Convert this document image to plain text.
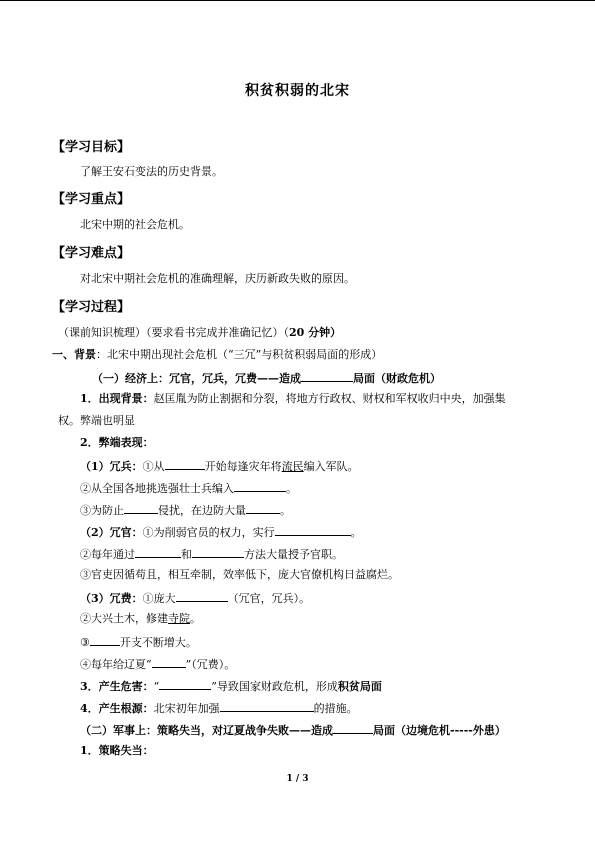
积贫积弱的北宋
【学习目标】
了解王安石变法的历史背景。
【学习重点】
北宋中期的社会危机。
【学习难点】
对北宋中期社会危机的准确理解，庆历新政失败的原因。
【学习过程】
（课前知识梳理）（要求看书完成并准确记忆）（20 分钟）
一、背景：北宋中期出现社会危机（“三冗”与积贫积弱局面的形成）
（一）经济上：冗官，冗兵，冗费——造成	局面（财政危机）
1．出现背景：赵匡胤为防止割据和分裂，将地方行政权、财权和军权收归中央，加强集
权。弊端也明显
2．弊端表现：
（1）冗兵：①从	开始每逢灾年将流民编入军队。
②从全国各地挑选强壮士兵编入	。
③为防止	侵扰，在边防大量	。
（2）冗官：①为削弱官员的权力，实行	。
②每年通过	和	方法大量授予官职。
③官吏因循苟且，相互牵制，效率低下，庞大官僚机构日益腐烂。
（3）冗费：①庞大	（冗官，冗兵）。
②大兴土木，修建寺院。
③	开支不断增大。
④每年给辽夏“	”（冗费）。
3．产生危害：“	”导致国家财政危机，形成积贫局面
4．产生根源：北宋初年加强	的措施。
（二）军事上：策略失当，对辽夏战争失败——造成	局面（边境危机-----外患）
1．策略失当：
1 / 3
